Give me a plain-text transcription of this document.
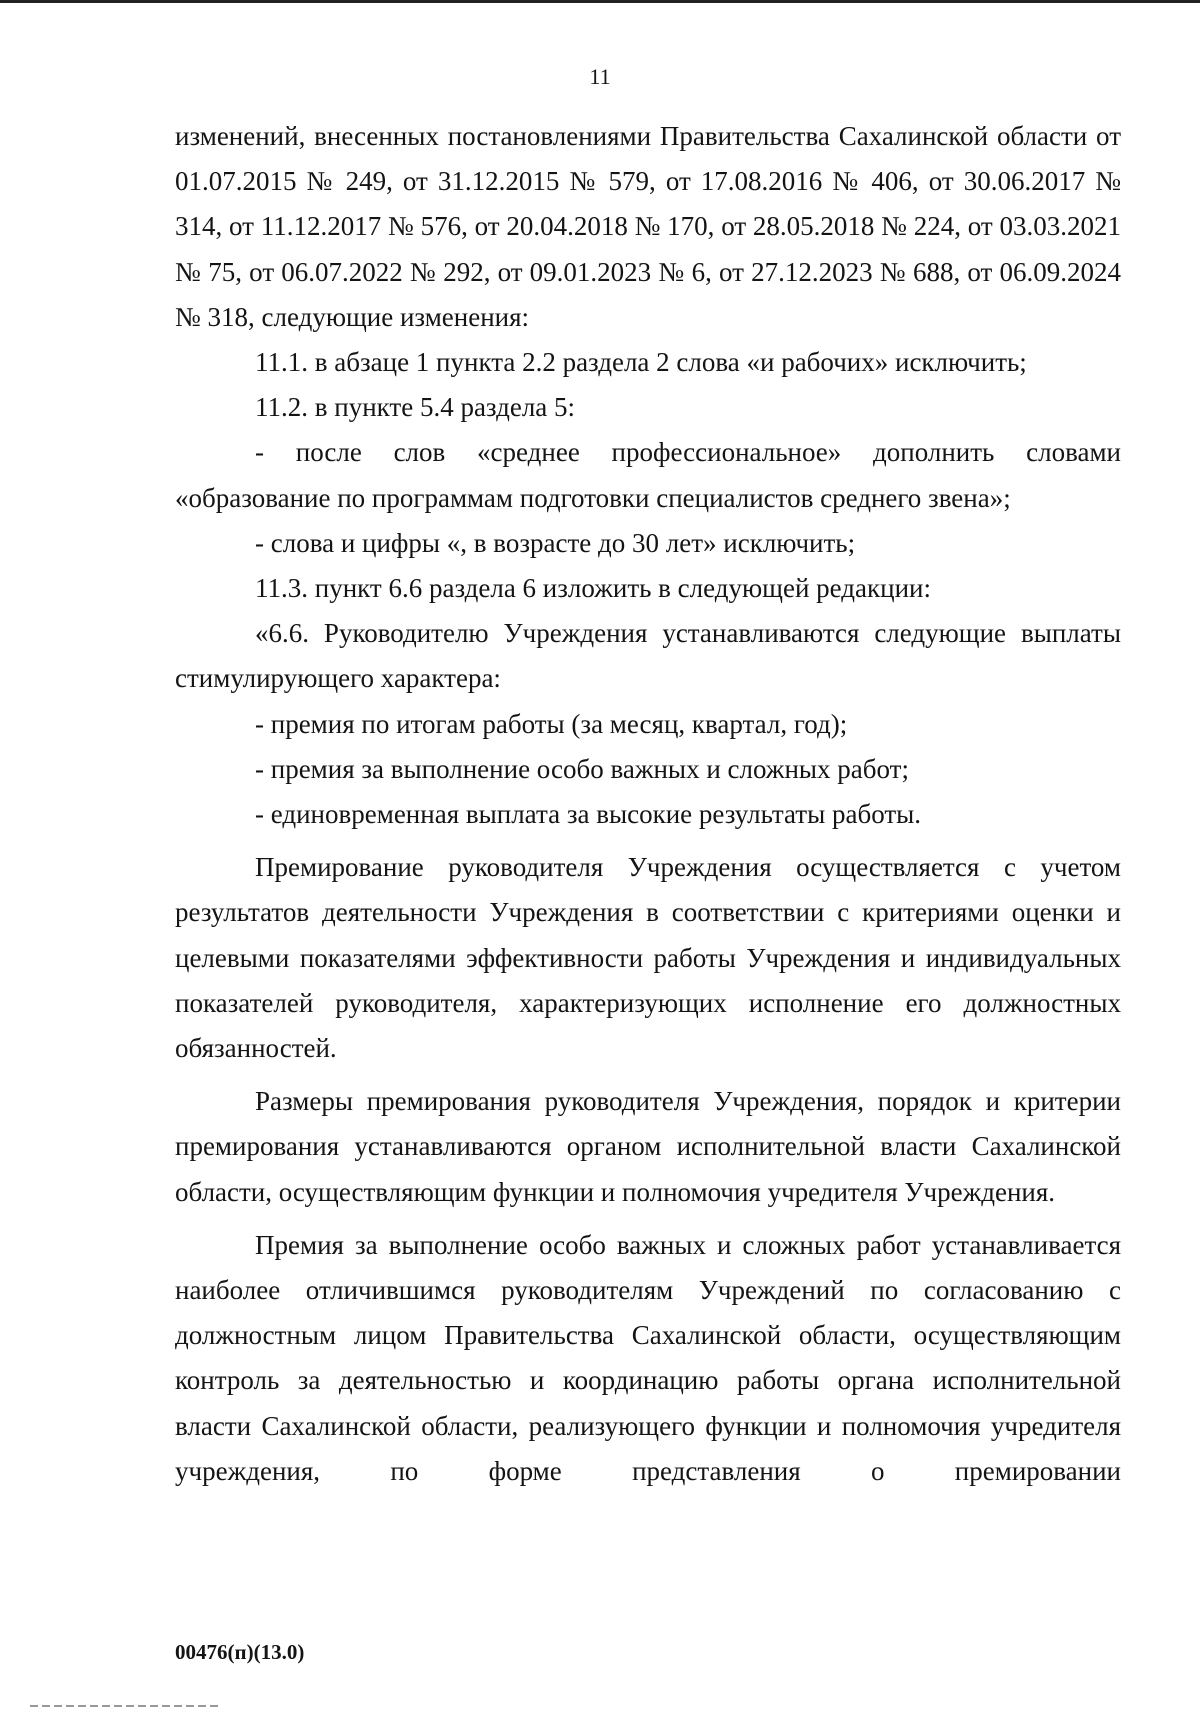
11

изменений, внесенных постановлениями Правительства Сахалинской области от 01.07.2015 № 249, от 31.12.2015 № 579, от 17.08.2016 № 406, от 30.06.2017 № 314, от 11.12.2017 № 576, от 20.04.2018 № 170, от 28.05.2018 № 224, от 03.03.2021 № 75, от 06.07.2022 № 292, от 09.01.2023 № 6, от 27.12.2023 № 688, от 06.09.2024 № 318, следующие изменения:

11.1. в абзаце 1 пункта 2.2 раздела 2 слова «и рабочих» исключить;

11.2. в пункте 5.4 раздела 5:

- после слов «среднее профессиональное» дополнить словами «образование по программам подготовки специалистов среднего звена»;

- слова и цифры «, в возрасте до 30 лет» исключить;

11.3. пункт 6.6 раздела 6 изложить в следующей редакции:

«6.6. Руководителю Учреждения устанавливаются следующие выплаты стимулирующего характера:

- премия по итогам работы (за месяц, квартал, год);

- премия за выполнение особо важных и сложных работ;

- единовременная выплата за высокие результаты работы.

Премирование руководителя Учреждения осуществляется с учетом результатов деятельности Учреждения в соответствии с критериями оценки и целевыми показателями эффективности работы Учреждения и индивидуальных показателей руководителя, характеризующих исполнение его должностных обязанностей.

Размеры премирования руководителя Учреждения, порядок и критерии премирования устанавливаются органом исполнительной власти Сахалинской области, осуществляющим функции и полномочия учредителя Учреждения.

Премия за выполнение особо важных и сложных работ устанавливается наиболее отличившимся руководителям Учреждений по согласованию с должностным лицом Правительства Сахалинской области, осуществляющим контроль за деятельностью и координацию работы органа исполнительной власти Сахалинской области, реализующего функции и полномочия учредителя учреждения, по форме представления о премировании

00476(п)(13.0)
